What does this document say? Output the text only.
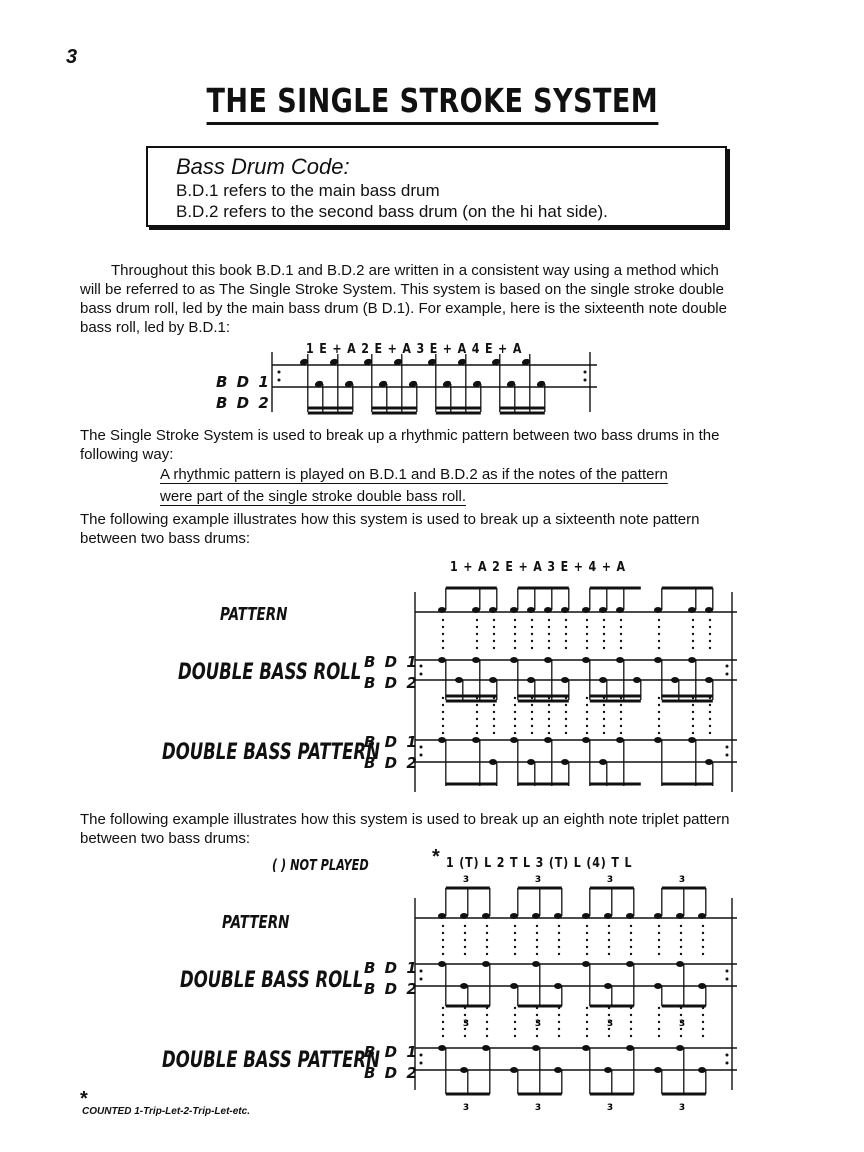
3
THE SINGLE STROKE SYSTEM
Bass Drum Code:
B.D.1 refers to the main bass drum
B.D.2 refers to the second bass drum (on the hi hat side).
Throughout this book B.D.1 and B.D.2 are written in a consistent way using a method which
will be referred to as The Single Stroke System. This system is based on the single stroke double
bass drum roll, led by the main bass drum (B D.1). For example, here is the sixteenth note double
bass roll, led by B.D.1:
1 E + A 2 E + A 3 E + A 4 E + A
B D 1
B D 2
The Single Stroke System is used to break up a rhythmic pattern between two bass drums in the
following way:
A rhythmic pattern is played on B.D.1 and B.D.2 as if the notes of the pattern
were part of the single stroke double bass roll.
The following example illustrates how this system is used to break up a sixteenth note pattern
between two bass drums:
1 + A 2 E + A 3 E + 4 + A
PATTERN
DOUBLE BASS ROLL
DOUBLE BASS PATTERN
B D 1
B D 2
B D 1
B D 2
The following example illustrates how this system is used to break up an eighth note triplet pattern
between two bass drums:
( ) NOT PLAYED	* 1 (T) L 2 T L 3 (T) L (4) T L
PATTERN
DOUBLE BASS ROLL
DOUBLE BASS PATTERN
B D 1
B D 2
B D 1
B D 2
3
3
3
3
3
3
3
3
3
3
3
3
*
COUNTED 1-Trip-Let-2-Trip-Let-etc.
